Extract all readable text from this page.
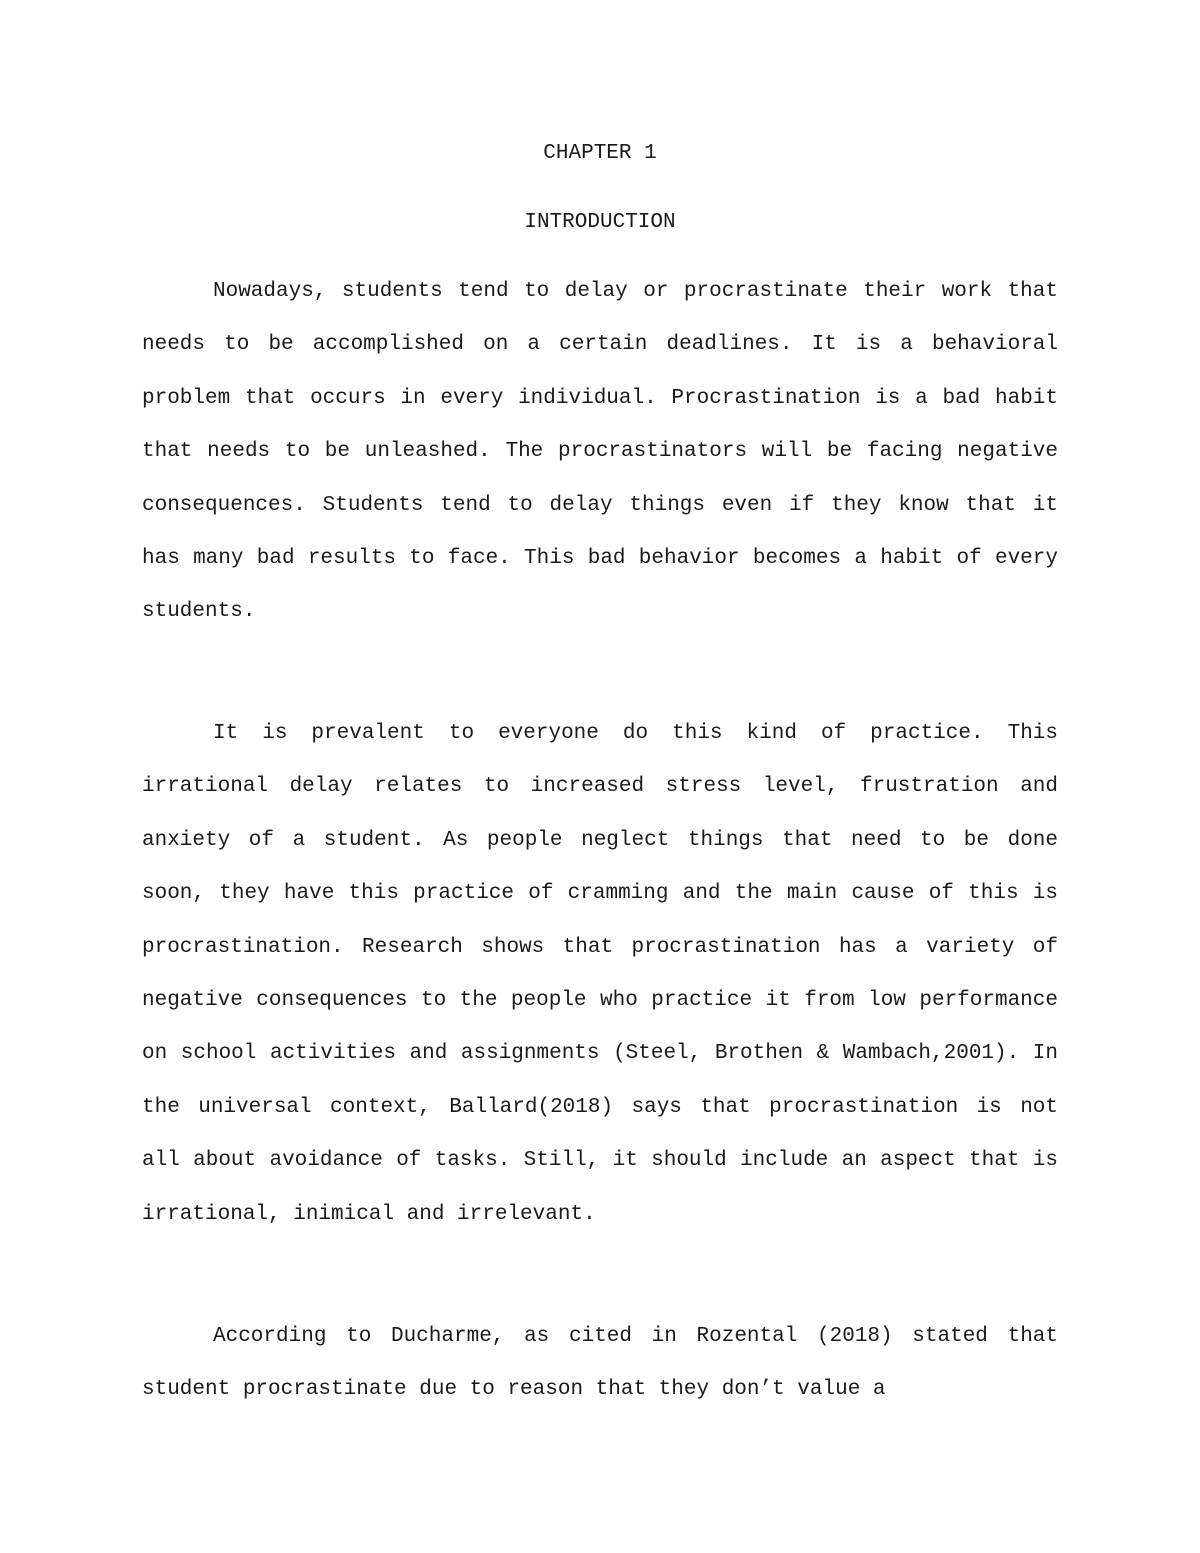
CHAPTER 1
INTRODUCTION

Nowadays, students tend to delay or procrastinate their work that needs to be accomplished on a certain deadlines. It is a behavioral problem that occurs in every individual. Procrastination is a bad habit that needs to be unleashed. The procrastinators will be facing negative consequences. Students tend to delay things even if they know that it has many bad results to face. This bad behavior becomes a habit of every students.

It is prevalent to everyone do this kind of practice. This irrational delay relates to increased stress level, frustration and anxiety of a student. As people neglect things that need to be done soon, they have this practice of cramming and the main cause of this is procrastination. Research shows that procrastination has a variety of negative consequences to the people who practice it from low performance on school activities and assignments (Steel, Brothen & Wambach,2001). In the universal context, Ballard(2018) says that procrastination is not all about avoidance of tasks. Still, it should include an aspect that is irrational, inimical and irrelevant.

According to Ducharme, as cited in Rozental (2018) stated that student procrastinate due to reason that they don’t value a
